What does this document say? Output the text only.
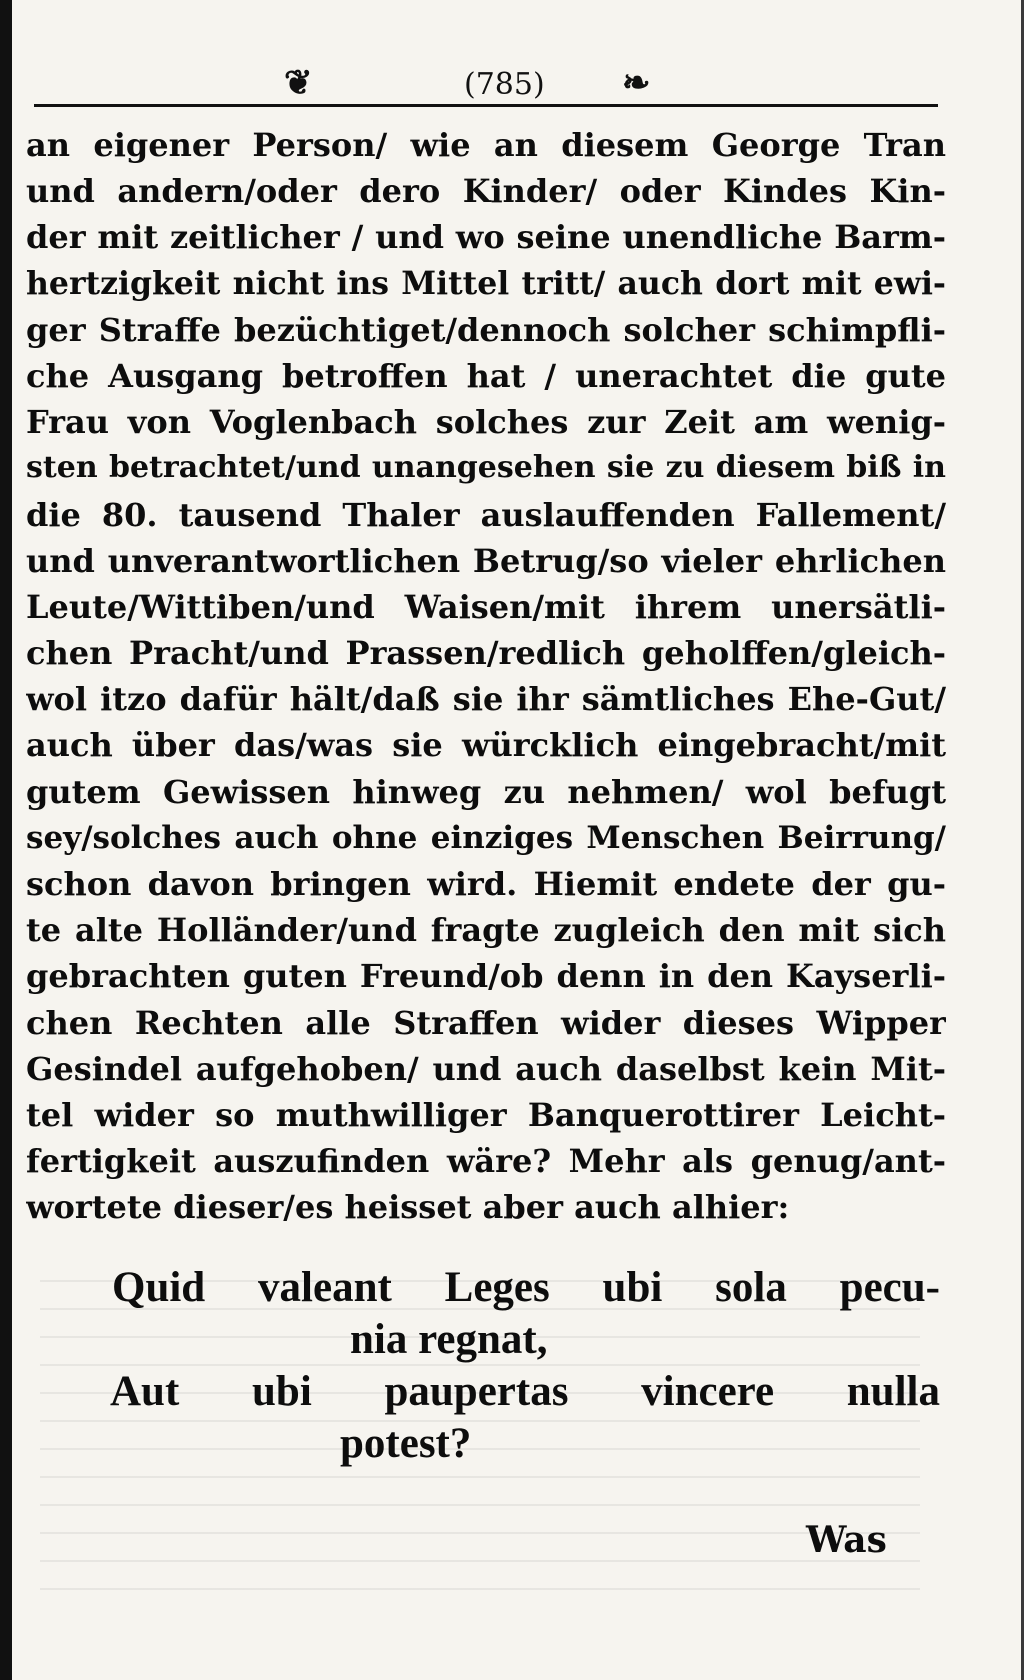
❦	(785) ❧
an eigener Person/ wie an diesem George Tran
und andern/oder dero Kinder/ oder Kindes Kin-
der mit zeitlicher / und wo seine unendliche Barm-
hertzigkeit nicht ins Mittel tritt/ auch dort mit ewi-
ger Straffe bezüchtiget/dennoch solcher schimpfli-
che Ausgang betroffen hat / unerachtet die gute
Frau von Voglenbach solches zur Zeit am wenig-
sten betrachtet/und unangesehen sie zu diesem biß in
die 80. tausend Thaler auslauffenden Fallement/
und unverantwortlichen Betrug/so vieler ehrlichen
Leute/Wittiben/und Waisen/mit ihrem unersätli-
chen Pracht/und Prassen/redlich geholffen/gleich-
wol itzo dafür hält/daß sie ihr sämtliches Ehe-Gut/
auch über das/was sie würcklich eingebracht/mit
gutem Gewissen hinweg zu nehmen/ wol befugt
sey/solches auch ohne einziges Menschen Beirrung/
schon davon bringen wird. Hiemit endete der gu-
te alte Holländer/und fragte zugleich den mit sich
gebrachten guten Freund/ob denn in den Kayserli-
chen Rechten alle Straffen wider dieses Wipper
Gesindel aufgehoben/ und auch daselbst kein Mit-
tel wider so muthwilliger Banquerottirer Leicht-
fertigkeit auszufinden wäre? Mehr als genug/ant-
wortete dieser/es heisset aber auch alhier:
Quid valeant Leges ubi sola pecu-
nia regnat,
Aut ubi paupertas vincere nulla
potest?
Was
